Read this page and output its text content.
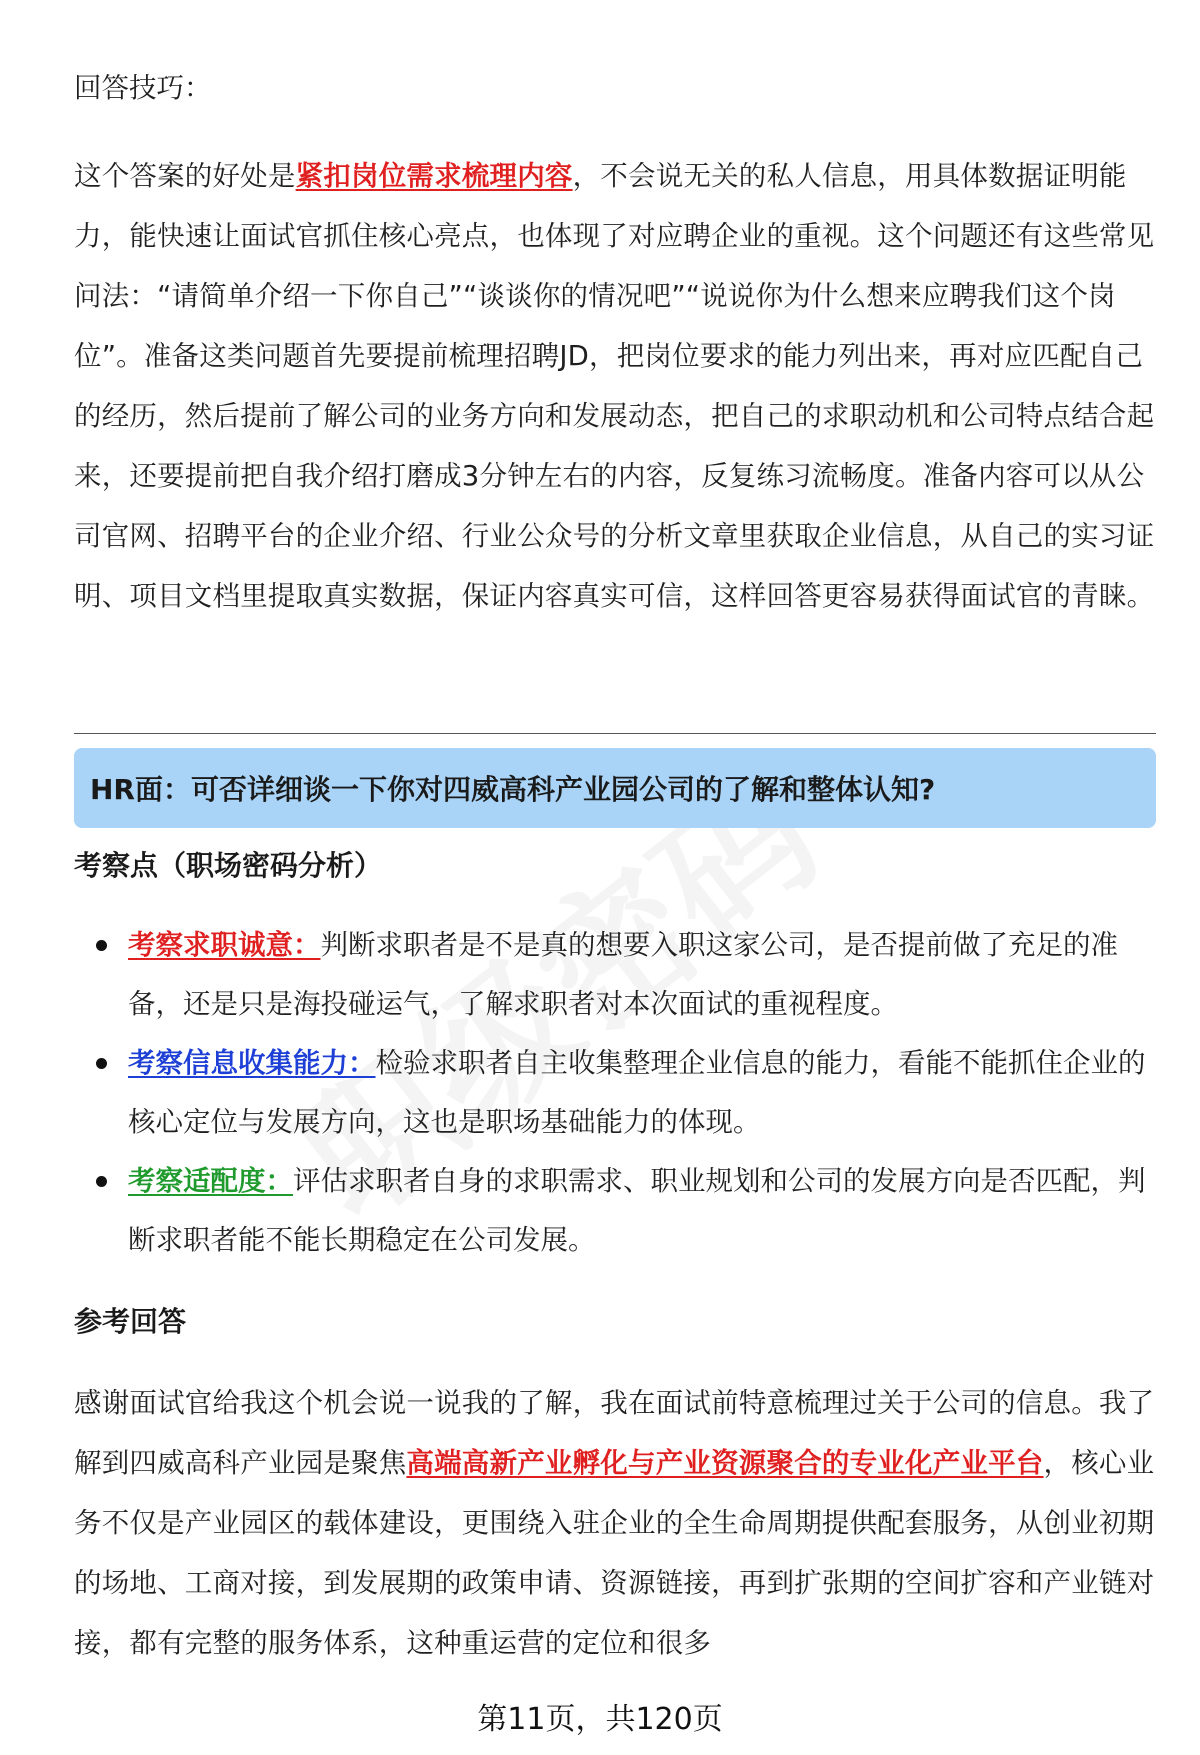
回答技巧：

这个答案的好处是紧扣岗位需求梳理内容，不会说无关的私人信息，用具体数据证明能力，能快速让面试官抓住核心亮点，也体现了对应聘企业的重视。这个问题还有这些常见问法：“请简单介绍一下你自己”“谈谈你的情况吧”“说说你为什么想来应聘我们这个岗位”。准备这类问题首先要提前梳理招聘JD，把岗位要求的能力列出来，再对应匹配自己的经历，然后提前了解公司的业务方向和发展动态，把自己的求职动机和公司特点结合起来，还要提前把自我介绍打磨成3分钟左右的内容，反复练习流畅度。准备内容可以从公司官网、招聘平台的企业介绍、行业公众号的分析文章里获取企业信息，从自己的实习证明、项目文档里提取真实数据，保证内容真实可信，这样回答更容易获得面试官的青睐。

HR面：可否详细谈一下你对四威高科产业园公司的了解和整体认知?
考察点（职场密码分析）
考察求职诚意：判断求职者是不是真的想要入职这家公司，是否提前做了充足的准备，还是只是海投碰运气，了解求职者对本次面试的重视程度。
考察信息收集能力：检验求职者自主收集整理企业信息的能力，看能不能抓住企业的核心定位与发展方向，这也是职场基础能力的体现。
考察适配度：评估求职者自身的求职需求、职业规划和公司的发展方向是否匹配，判断求职者能不能长期稳定在公司发展。
参考回答

感谢面试官给我这个机会说一说我的了解，我在面试前特意梳理过关于公司的信息。我了解到四威高科产业园是聚焦高端高新产业孵化与产业资源聚合的专业化产业平台，核心业务不仅是产业园区的载体建设，更围绕入驻企业的全生命周期提供配套服务，从创业初期的场地、工商对接，到发展期的政策申请、资源链接，再到扩张期的空间扩容和产业链对接，都有完整的服务体系，这种重运营的定位和很多

第11页，共120页
